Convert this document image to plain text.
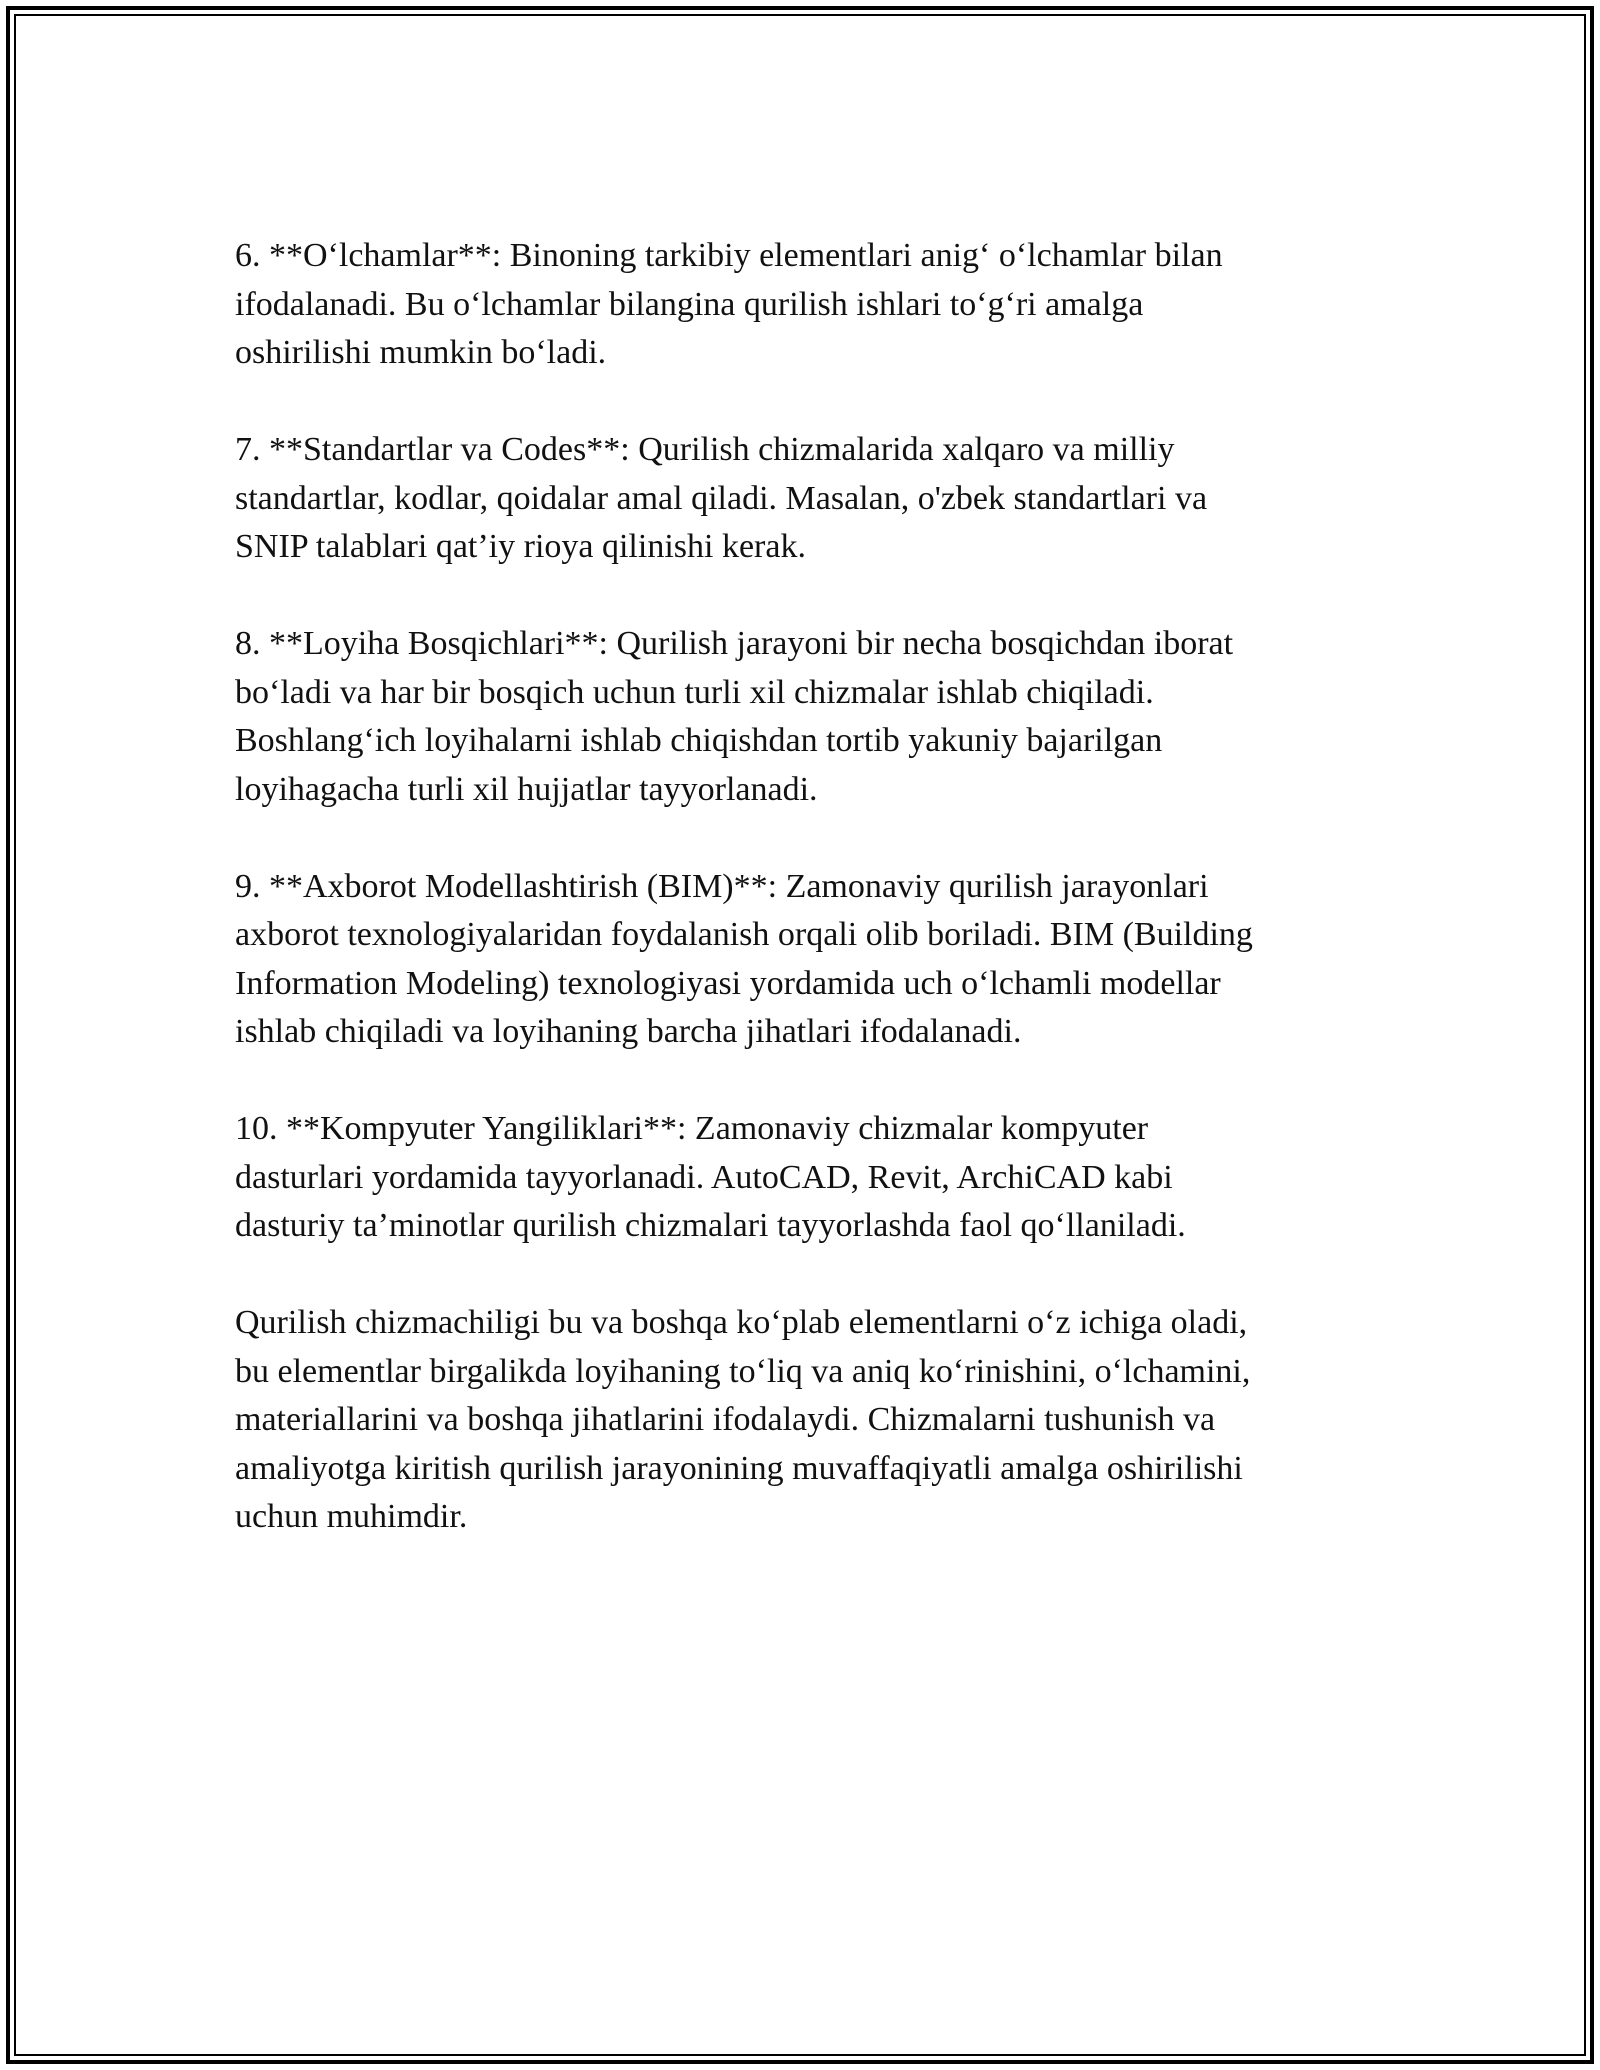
6. **O‘lchamlar**: Binoning tarkibiy elementlari anig‘ o‘lchamlar bilan
ifodalanadi. Bu o‘lchamlar bilangina qurilish ishlari to‘g‘ri amalga
oshirilishi mumkin bo‘ladi.

7. **Standartlar va Codes**: Qurilish chizmalarida xalqaro va milliy
standartlar, kodlar, qoidalar amal qiladi. Masalan, o'zbek standartlari va
SNIP talablari qat’iy rioya qilinishi kerak.

8. **Loyiha Bosqichlari**: Qurilish jarayoni bir necha bosqichdan iborat
bo‘ladi va har bir bosqich uchun turli xil chizmalar ishlab chiqiladi.
Boshlang‘ich loyihalarni ishlab chiqishdan tortib yakuniy bajarilgan
loyihagacha turli xil hujjatlar tayyorlanadi.

9. **Axborot Modellashtirish (BIM)**: Zamonaviy qurilish jarayonlari
axborot texnologiyalaridan foydalanish orqali olib boriladi. BIM (Building
Information Modeling) texnologiyasi yordamida uch o‘lchamli modellar
ishlab chiqiladi va loyihaning barcha jihatlari ifodalanadi.

10. **Kompyuter Yangiliklari**: Zamonaviy chizmalar kompyuter
dasturlari yordamida tayyorlanadi. AutoCAD, Revit, ArchiCAD kabi
dasturiy ta’minotlar qurilish chizmalari tayyorlashda faol qo‘llaniladi.

Qurilish chizmachiligi bu va boshqa ko‘plab elementlarni o‘z ichiga oladi,
bu elementlar birgalikda loyihaning to‘liq va aniq ko‘rinishini, o‘lchamini,
materiallarini va boshqa jihatlarini ifodalaydi. Chizmalarni tushunish va
amaliyotga kiritish qurilish jarayonining muvaffaqiyatli amalga oshirilishi
uchun muhimdir.
